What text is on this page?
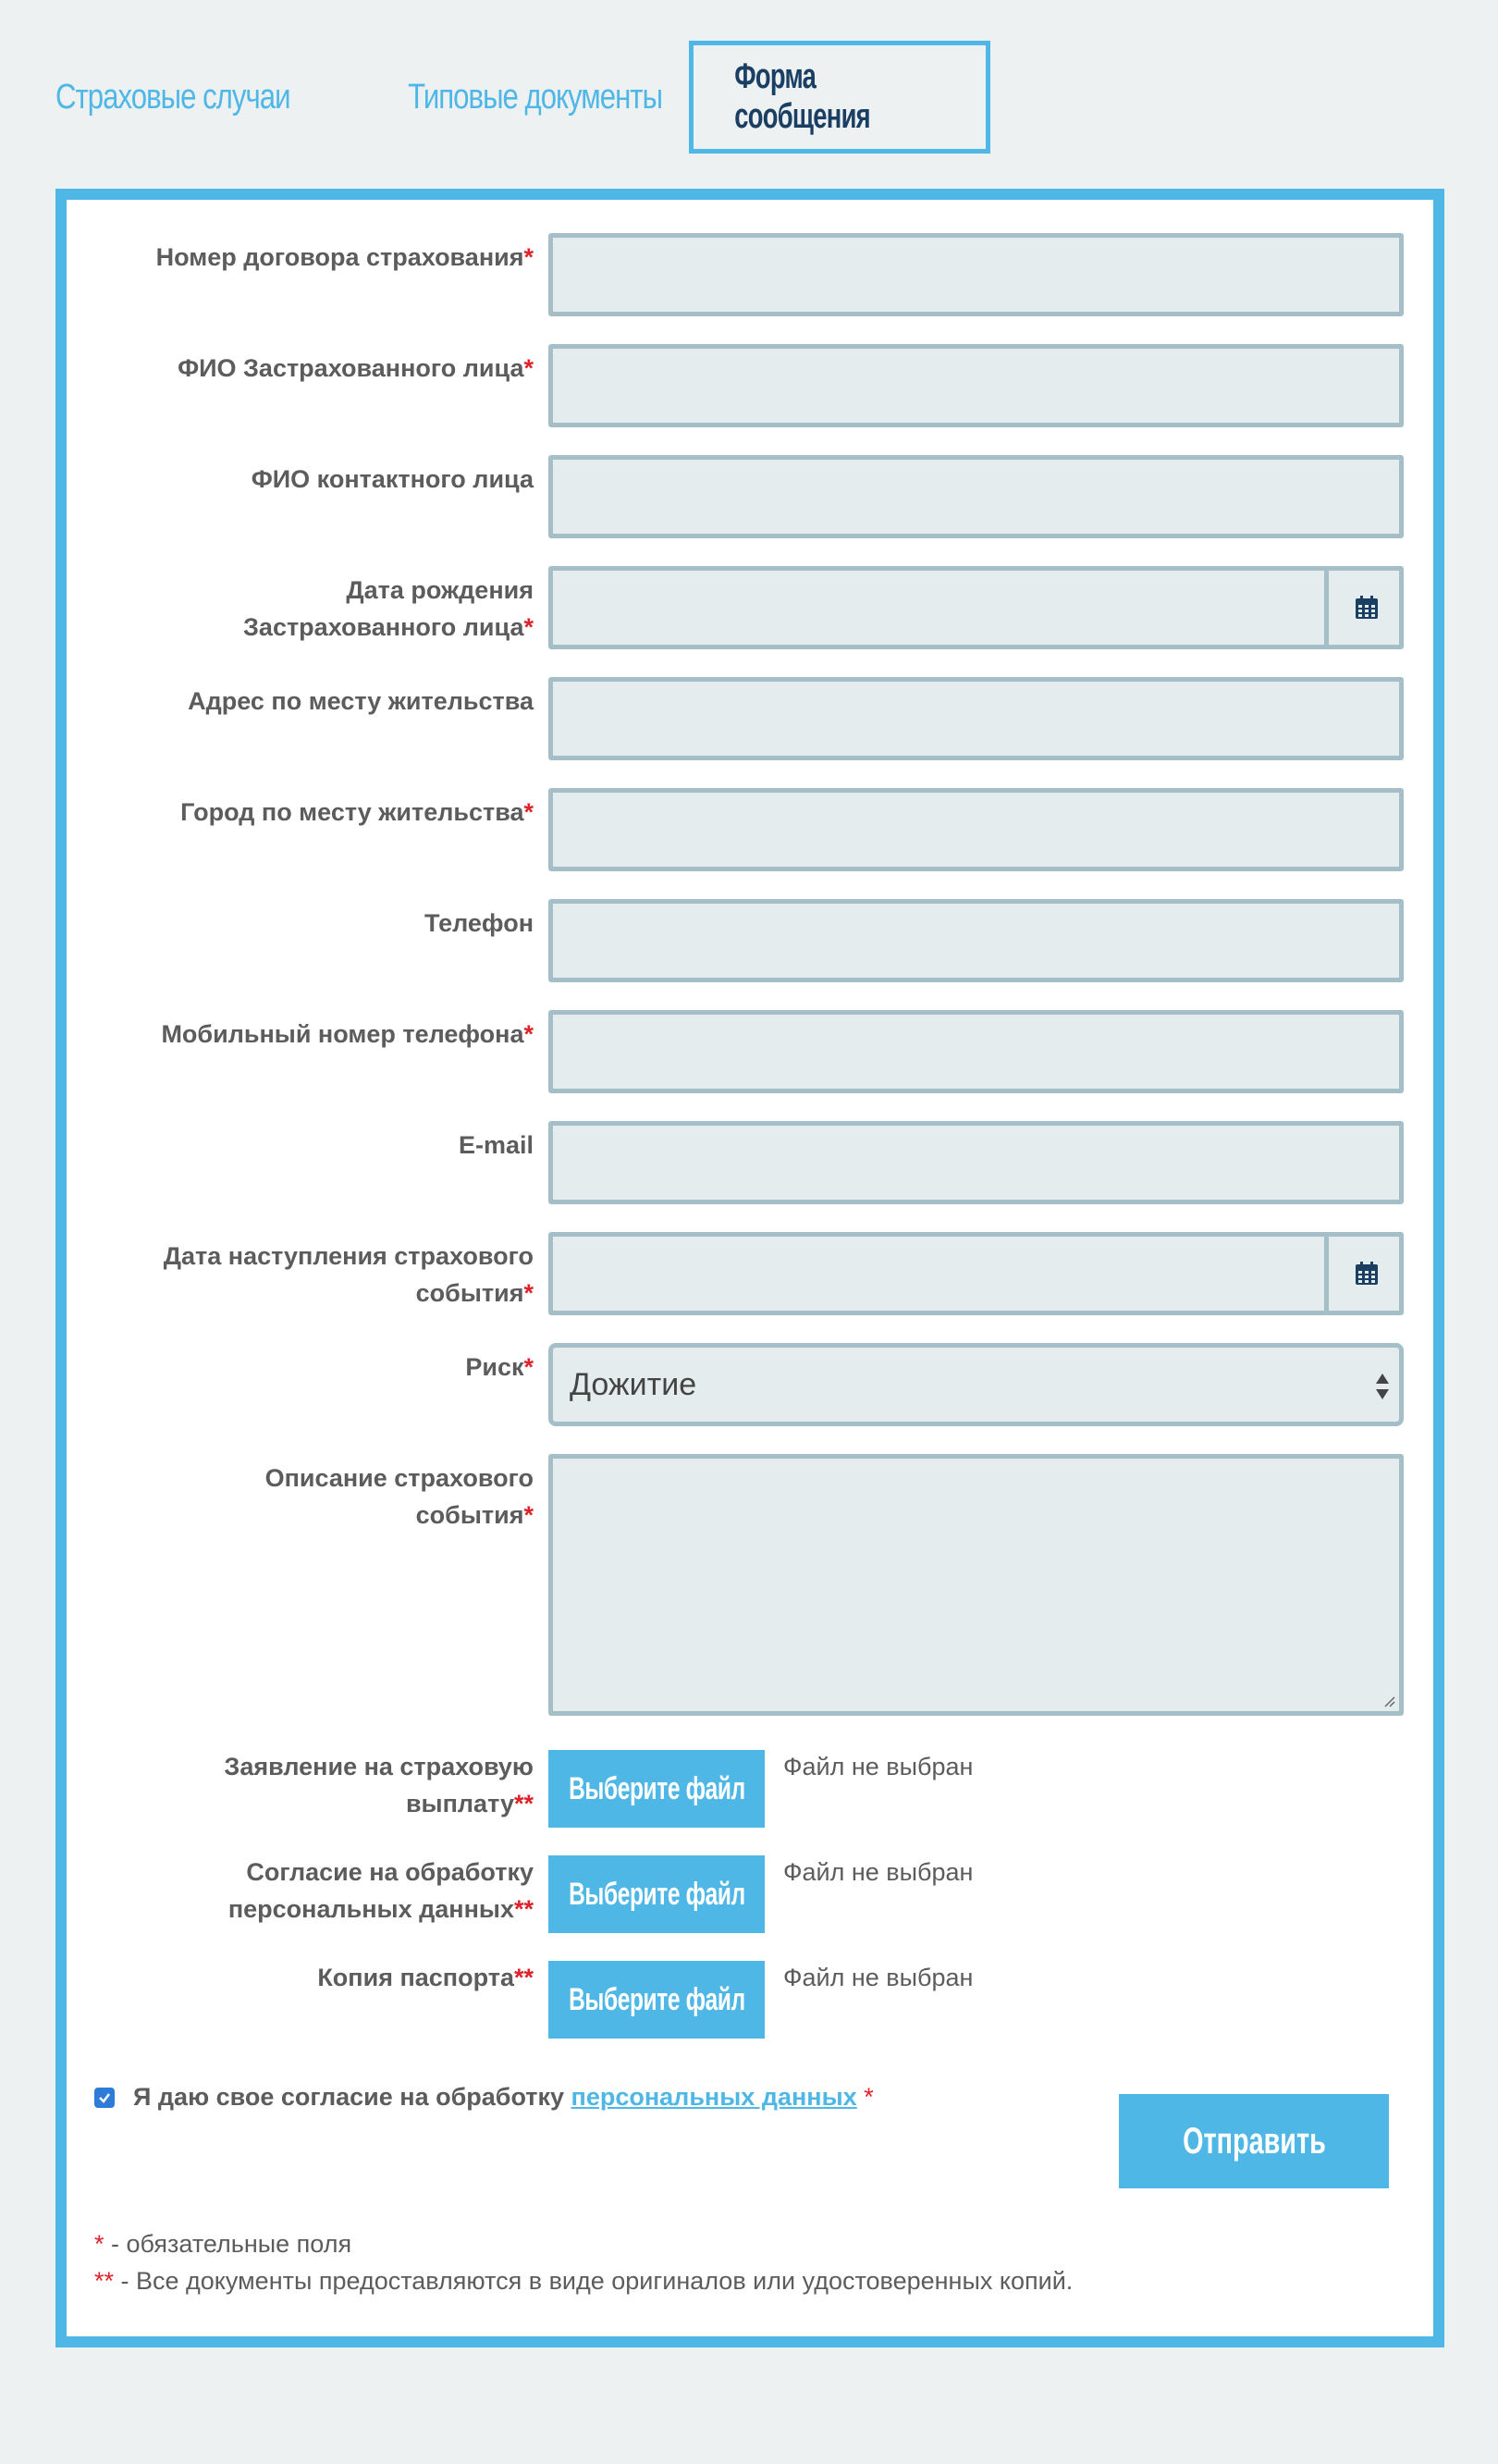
Страховые случаи	Типовые документы
Форма сообщения
Номер договора страхования*
ФИО Застрахованного лица*
ФИО контактного лица
Дата рождения
Застрахованного лица*
Адрес по месту жительства
Город по месту жительства*
Телефон
Мобильный номер телефона*
E-mail
Дата наступления страхового
события*
Риск* Дожитие
Описание страхового
события*
Заявление на страховую
выплату** Выберите файл
Файл не выбран
Согласие на обработку
персональных данных** Выберите файл
Файл не выбран
Копия паспорта**
Выберите файл
Файл не выбран
Я даю свое согласие на обработку персональных данных *
Отправить
* - обязательные поля
** - Все документы предоставляются в виде оригиналов или удостоверенных копий.
